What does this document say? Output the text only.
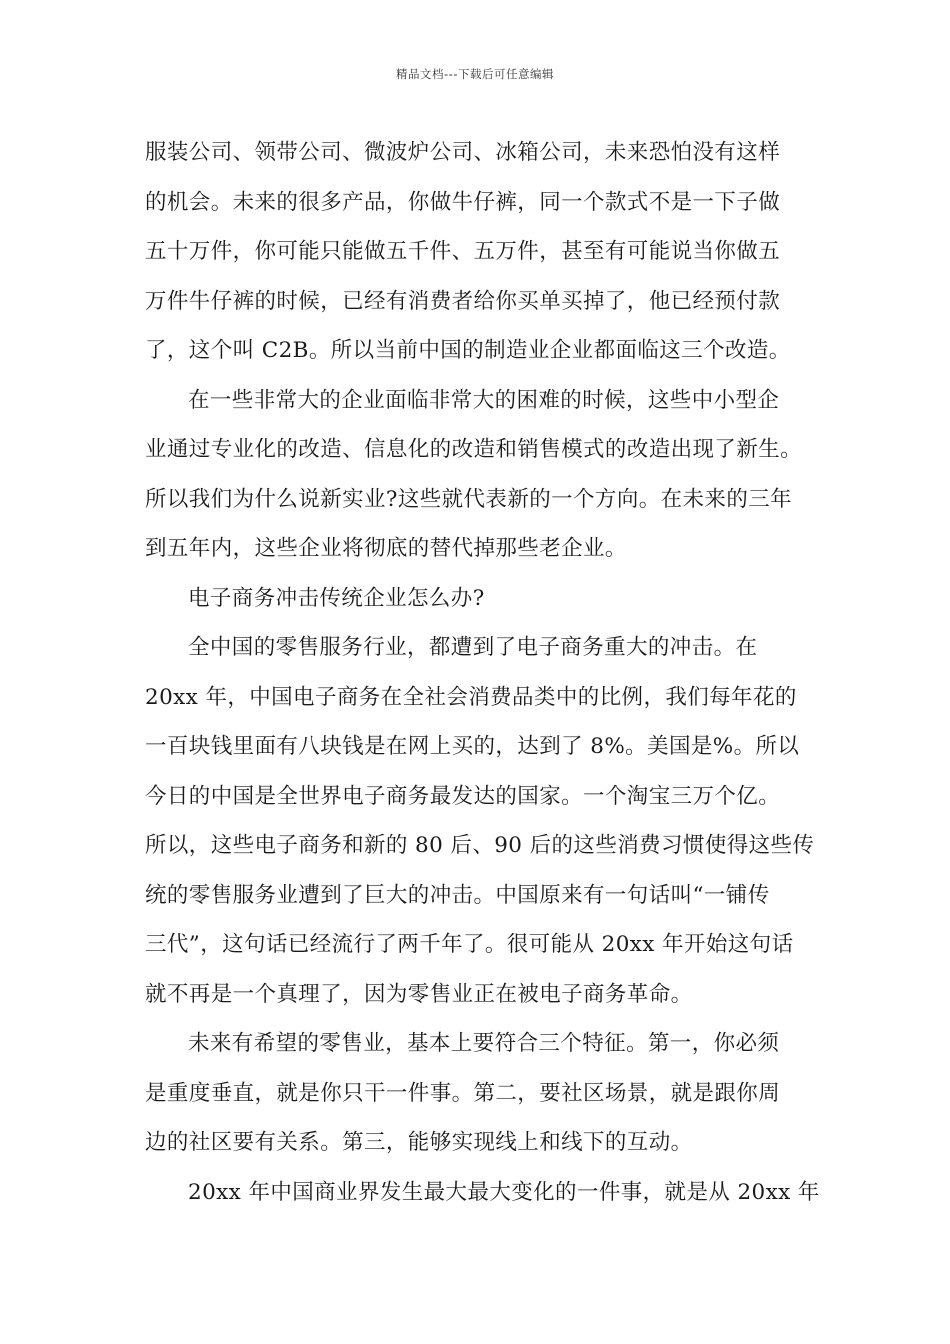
精品文档---下载后可任意编辑
服装公司、领带公司、微波炉公司、冰箱公司，未来恐怕没有这样
的机会。未来的很多产品，你做牛仔裤，同一个款式不是一下子做
五十万件，你可能只能做五千件、五万件，甚至有可能说当你做五
万件牛仔裤的时候，已经有消费者给你买单买掉了，他已经预付款
了，这个叫 C2B。所以当前中国的制造业企业都面临这三个改造。
在一些非常大的企业面临非常大的困难的时候，这些中小型企
业通过专业化的改造、信息化的改造和销售模式的改造出现了新生。
所以我们为什么说新实业?这些就代表新的一个方向。在未来的三年
到五年内，这些企业将彻底的替代掉那些老企业。
电子商务冲击传统企业怎么办?
全中国的零售服务行业，都遭到了电子商务重大的冲击。在
20xx 年，中国电子商务在全社会消费品类中的比例，我们每年花的
一百块钱里面有八块钱是在网上买的，达到了 8%。美国是%。所以
今日的中国是全世界电子商务最发达的国家。一个淘宝三万个亿。
所以，这些电子商务和新的 80 后、90 后的这些消费习惯使得这些传
统的零售服务业遭到了巨大的冲击。中国原来有一句话叫“一铺传
三代”，这句话已经流行了两千年了。很可能从 20xx 年开始这句话
就不再是一个真理了，因为零售业正在被电子商务革命。
未来有希望的零售业，基本上要符合三个特征。第一，你必须
是重度垂直，就是你只干一件事。第二，要社区场景，就是跟你周
边的社区要有关系。第三，能够实现线上和线下的互动。
20xx 年中国商业界发生最大最大变化的一件事，就是从 20xx 年
